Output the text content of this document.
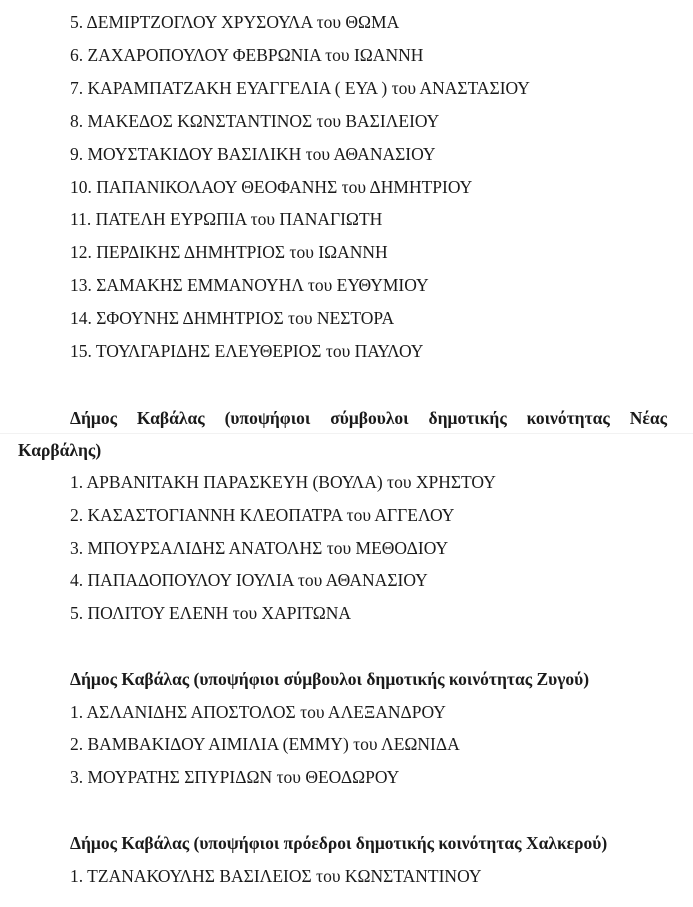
5. ΔΕΜΙΡΤΖΟΓΛΟΥ ΧΡΥΣΟΥΛΑ του ΘΩΜΑ
6. ΖΑΧΑΡΟΠΟΥΛΟΥ ΦΕΒΡΩΝΙΑ του ΙΩΑΝΝΗ
7. ΚΑΡΑΜΠΑΤΖΑΚΗ ΕΥΑΓΓΕΛΙΑ ( ΕΥΑ ) του ΑΝΑΣΤΑΣΙΟΥ
8. ΜΑΚΕΔΟΣ ΚΩΝΣΤΑΝΤΙΝΟΣ του ΒΑΣΙΛΕΙΟΥ
9. ΜΟΥΣΤΑΚΙΔΟΥ ΒΑΣΙΛΙΚΗ του ΑΘΑΝΑΣΙΟΥ
10. ΠΑΠΑΝΙΚΟΛΑΟΥ ΘΕΟΦΑΝΗΣ του ΔΗΜΗΤΡΙΟΥ
11. ΠΑΤΕΛΗ ΕΥΡΩΠΙΑ του ΠΑΝΑΓΙΩΤΗ
12. ΠΕΡΔΙΚΗΣ ΔΗΜΗΤΡΙΟΣ του ΙΩΑΝΝΗ
13. ΣΑΜΑΚΗΣ ΕΜΜΑΝΟΥΗΛ του ΕΥΘΥΜΙΟΥ
14. ΣΦΟΥΝΗΣ ΔΗΜΗΤΡΙΟΣ του ΝΕΣΤΟΡΑ
15. ΤΟΥΛΓΑΡΙΔΗΣ ΕΛΕΥΘΕΡΙΟΣ του ΠΑΥΛΟΥ
Δήμος Καβάλας (υποψήφιοι σύμβουλοι δημοτικής κοινότητας Νέας
Καρβάλης)
1. ΑΡΒΑΝΙΤΑΚΗ ΠΑΡΑΣΚΕΥΗ (ΒΟΥΛΑ) του ΧΡΗΣΤΟΥ
2. ΚΑΣΑΣΤΟΓΙΑΝΝΗ ΚΛΕΟΠΑΤΡΑ του ΑΓΓΕΛΟΥ
3. ΜΠΟΥΡΣΑΛΙΔΗΣ ΑΝΑΤΟΛΗΣ του ΜΕΘΟΔΙΟΥ
4. ΠΑΠΑΔΟΠΟΥΛΟΥ ΙΟΥΛΙΑ του ΑΘΑΝΑΣΙΟΥ
5. ΠΟΛΙΤΟΥ ΕΛΕΝΗ του ΧΑΡΙΤΩΝΑ
Δήμος Καβάλας (υποψήφιοι σύμβουλοι δημοτικής κοινότητας Ζυγού)
1. ΑΣΛΑΝΙΔΗΣ ΑΠΟΣΤΟΛΟΣ του ΑΛΕΞΑΝΔΡΟΥ
2. ΒΑΜΒΑΚΙΔΟΥ ΑΙΜΙΛΙΑ (ΕΜΜΥ) του ΛΕΩΝΙΔΑ
3. ΜΟΥΡΑΤΗΣ ΣΠΥΡΙΔΩΝ του ΘΕΟΔΩΡΟΥ
Δήμος Καβάλας (υποψήφιοι πρόεδροι δημοτικής κοινότητας Χαλκερού)
1. ΤΖΑΝΑΚΟΥΛΗΣ ΒΑΣΙΛΕΙΟΣ του ΚΩΝΣΤΑΝΤΙΝΟΥ
